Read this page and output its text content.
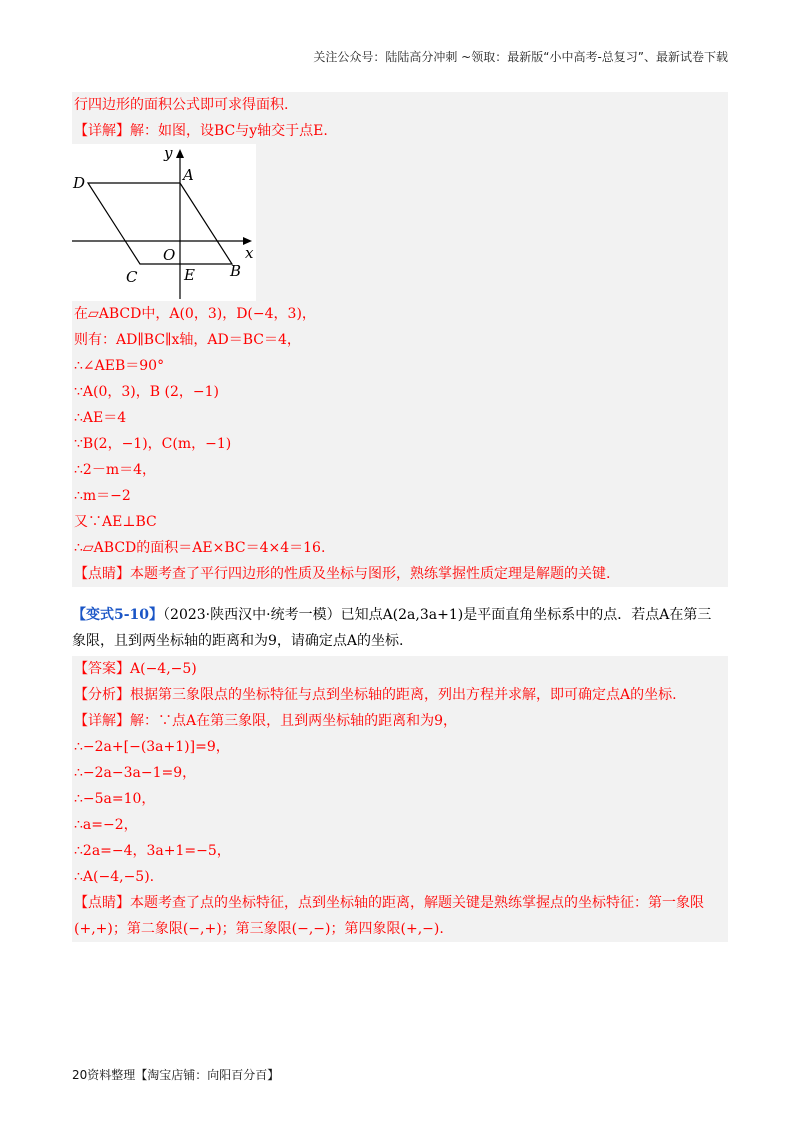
关注公众号：陆陆高分冲刺 ~领取：最新版“小中高考-总复习”、最新试卷下载
行四边形的面积公式即可求得面积.
【详解】解：如图，设BC与y轴交于点E.
y
x
D	A
O
E B
C
在▱ABCD中，A(0，3)，D(−4，3)，
则有：AD∥BC∥x轴，AD＝BC＝4，
∴∠AEB＝90°
∵A(0，3)，B (2，−1)
∴AE＝4
∵B(2，−1)，C(m，−1)
∴2－m＝4，
∴m＝−2
又∵AE⊥BC
∴▱ABCD的面积＝AE×BC＝4×4＝16.
【点睛】本题考查了平行四边形的性质及坐标与图形，熟练掌握性质定理是解题的关键.
【变式5-10】（2023·陕西汉中·统考一模）已知点A(2a,3a+1)是平面直角坐标系中的点．若点A在第三
象限，且到两坐标轴的距离和为9，请确定点A的坐标.
【答案】A(−4,−5)
【分析】根据第三象限点的坐标特征与点到坐标轴的距离，列出方程并求解，即可确定点A的坐标.
【详解】解：∵点A在第三象限，且到两坐标轴的距离和为9，
∴−2a+[−(3a+1)]=9，
∴−2a−3a−1=9，
∴−5a=10，
∴a=−2，
∴2a=−4，3a+1=−5，
∴A(−4,−5).
【点睛】本题考查了点的坐标特征，点到坐标轴的距离，解题关键是熟练掌握点的坐标特征：第一象限
(+,+)；第二象限(−,+)；第三象限(−,−)；第四象限(+,−).
20资料整理【淘宝店铺：向阳百分百】
